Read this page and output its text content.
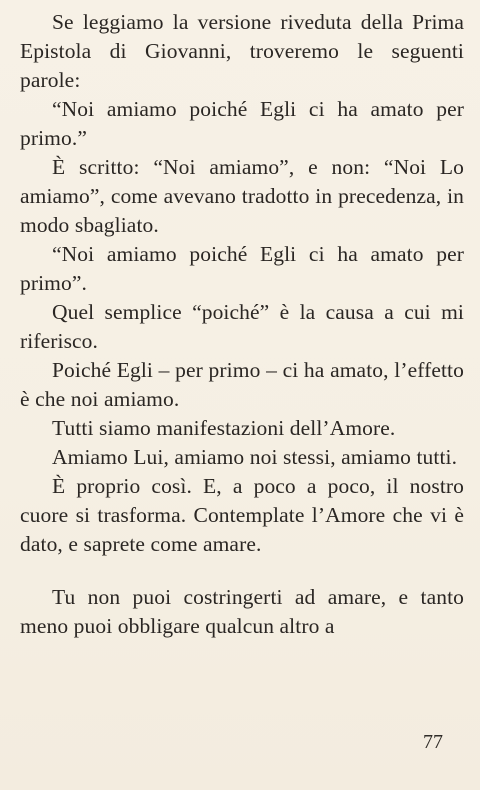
Se leggiamo la versione riveduta della Prima Epistola di Giovanni, troveremo le seguenti parole:

“Noi amiamo poiché Egli ci ha amato per primo.”

È scritto: “Noi amiamo”, e non: “Noi Lo amiamo”, come avevano tradotto in precedenza, in modo sbagliato.

“Noi amiamo poiché Egli ci ha amato per primo”.

Quel semplice “poiché” è la causa a cui mi riferisco.

Poiché Egli – per primo – ci ha amato, l’effetto è che noi amiamo.

Tutti siamo manifestazioni dell’Amore.

Amiamo Lui, amiamo noi stessi, amiamo tutti.

È proprio così. E, a poco a poco, il nostro cuore si trasforma. Contemplate l’Amore che vi è dato, e saprete come amare.

Tu non puoi costringerti ad amare, e tanto meno puoi obbligare qualcun altro a

77
